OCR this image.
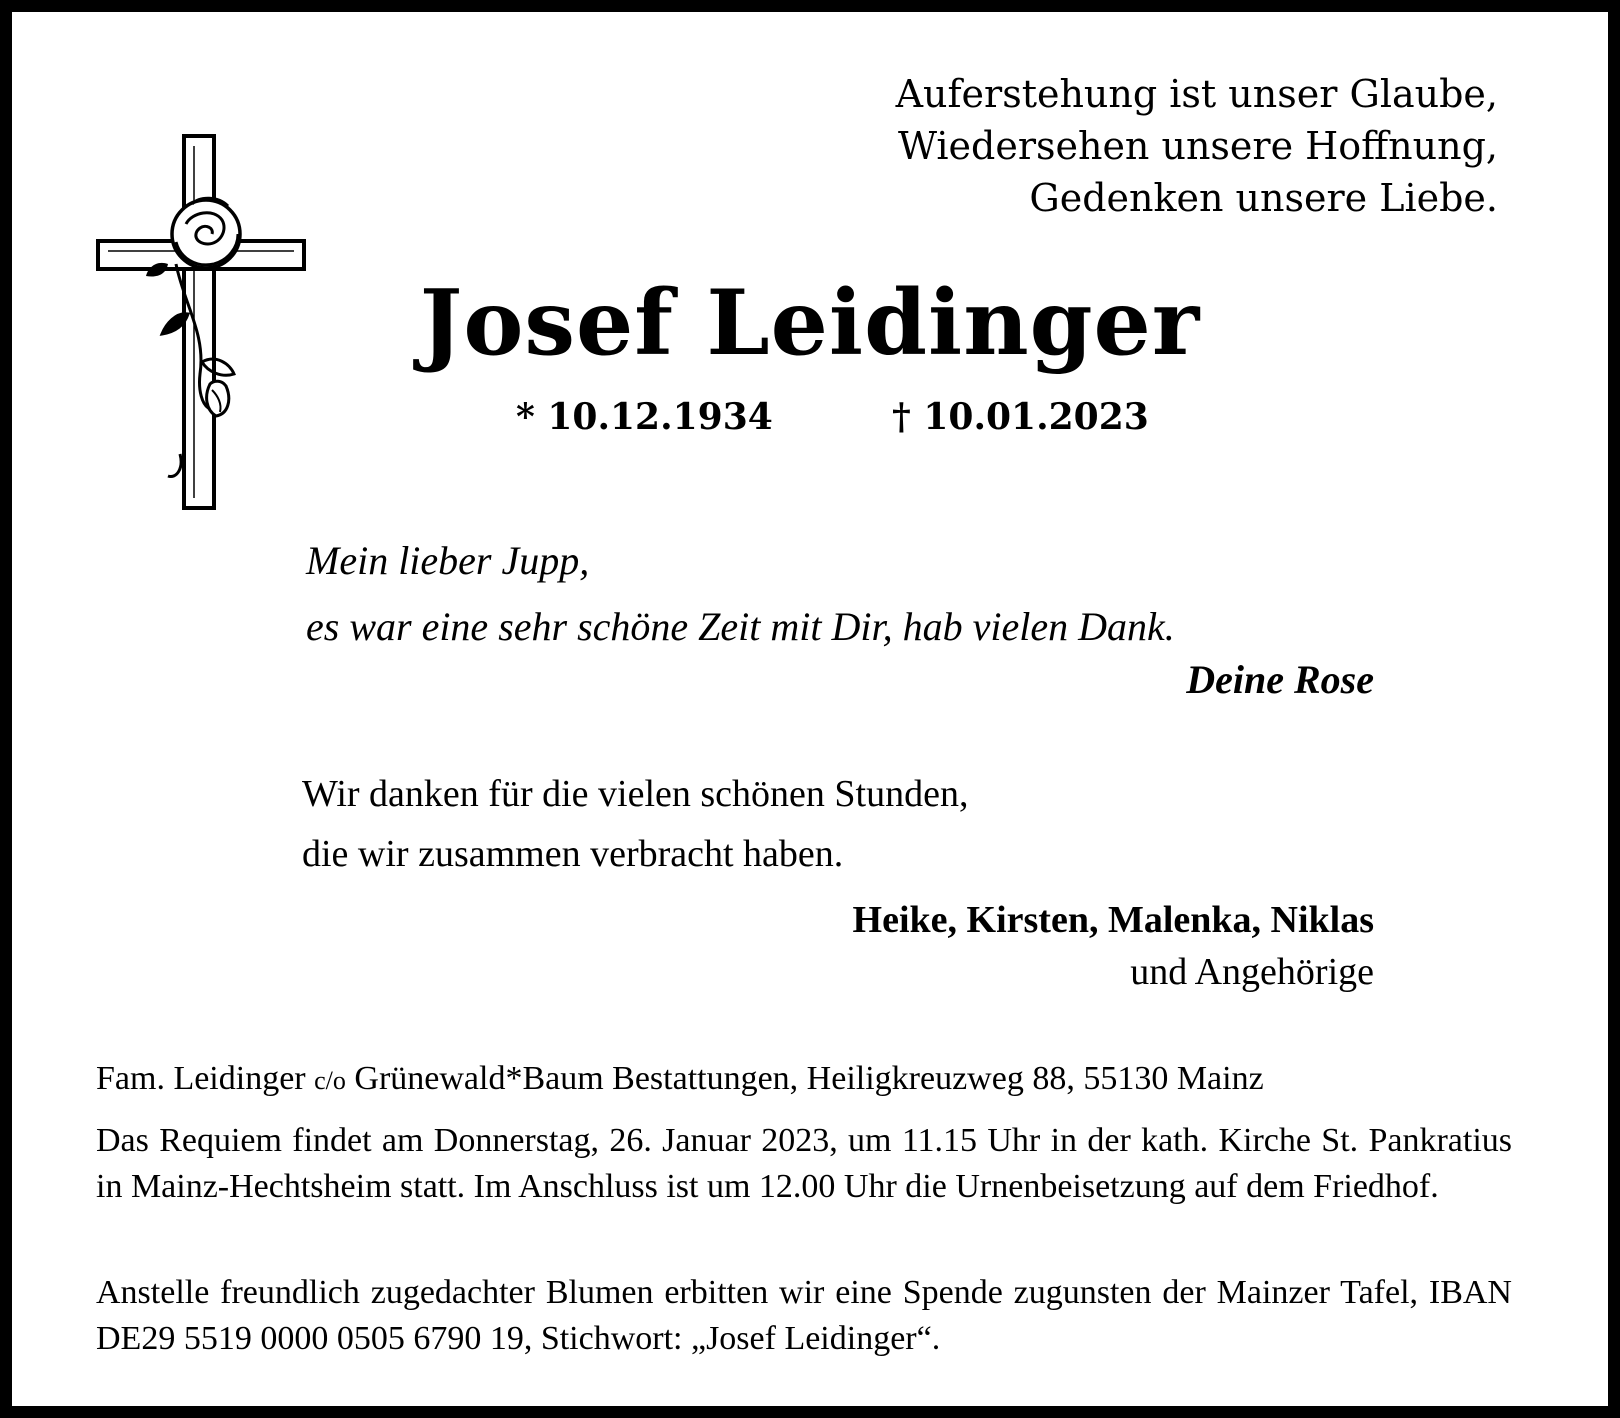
Auferstehung ist unser Glaube,
Wiedersehen unsere Hoffnung,
Gedenken unsere Liebe.
Josef Leidinger
* 10.12.1934	† 10.01.2023
Mein lieber Jupp,
es war eine sehr schöne Zeit mit Dir, hab vielen Dank.
Deine Rose
Wir danken für die vielen schönen Stunden,
die wir zusammen verbracht haben.
Heike, Kirsten, Malenka, Niklas
und Angehörige
Fam. Leidinger c/o Grünewald*Baum Bestattungen, Heiligkreuzweg 88, 55130 Mainz
Das Requiem findet am Donnerstag, 26. Januar 2023, um 11.15 Uhr in der kath. Kirche St. Pankratius in Mainz-Hechtsheim statt. Im Anschluss ist um 12.00 Uhr die Urnenbeisetzung auf dem Friedhof.
Anstelle freundlich zugedachter Blumen erbitten wir eine Spende zugunsten der Mainzer Tafel, IBAN DE29 5519 0000 0505 6790 19, Stichwort: „Josef Leidinger“.
